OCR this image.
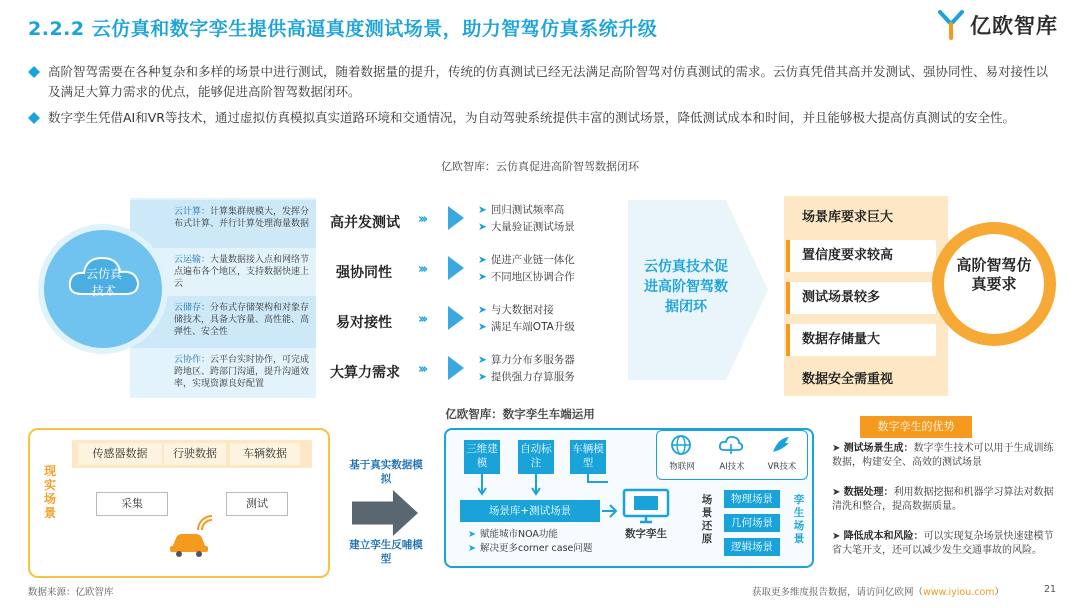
2.2.2 云仿真和数字孪生提供高逼真度测试场景，助力智驾仿真系统升级	亿欧智库
高阶智驾需要在各种复杂和多样的场景中进行测试，随着数据量的提升，传统的仿真测试已经无法满足高阶智驾对仿真测试的需求。云仿真凭借其高并发测试、强协同性、易对接性以及满足大算力需求的优点，能够促进高阶智驾数据闭环。
数字孪生凭借AI和VR等技术，通过虚拟仿真模拟真实道路环境和交通情况，为自动驾驶系统提供丰富的测试场景，降低测试成本和时间，并且能够极大提高仿真测试的安全性。
亿欧智库：云仿真促进高阶智驾数据闭环
云计算：计算集群规模大，发挥分布式计算、并行计算处理海量数据
云运输：大量数据接入点和网络节点遍布各个地区，支持数据快速上云
云储存：分布式存储架构和对象存储技术，具备大容量、高性能、高弹性、安全性
云协作：云平台实时协作，可完成跨地区、跨部门沟通，提升沟通效率，实现资源良好配置
云仿真
技术
高并发测试 ›››
强协同性 ›››
易对接性 ›››
大算力需求 ›››
➤ 回归测试频率高
➤ 大量验证测试场景
➤ 促进产业链一体化
➤ 不同地区协调合作
➤ 与大数据对接
➤ 满足车端OTA升级
➤ 算力分布多服务器
➤ 提供强力存算服务
云仿真技术促进高阶智驾数据闭环
场景库要求巨大
置信度要求较高
测试场景较多
数据存储量大
数据安全需重视
高阶智驾仿真要求
亿欧智库：数字孪生车端运用
现实场景
传感器数据	行驶数据	车辆数据
采集	测试
基于真实数据模拟
建立孪生反哺模型
三维建模
自动标注
车辆模型	物联网	AI技术	VR技术
场景库+测试场景
数字孪生
➤ 赋能城市NOA功能
➤ 解决更多corner case问题
场景还原
物理场景
几何场景
逻辑场景
孪生场景
数字孪生的优势
➤ 测试场景生成：数字孪生技术可以用于生成训练数据，构建安全、高效的测试场景
➤ 数据处理：利用数据挖掘和机器学习算法对数据清洗和整合，提高数据质量。
➤ 降低成本和风险：可以实现复杂场景快速建模节省大笔开支，还可以减少发生交通事故的风险。
数据来源：亿欧智库	获取更多维度报告数据，请访问亿欧网（www.iyiou.com）	21
